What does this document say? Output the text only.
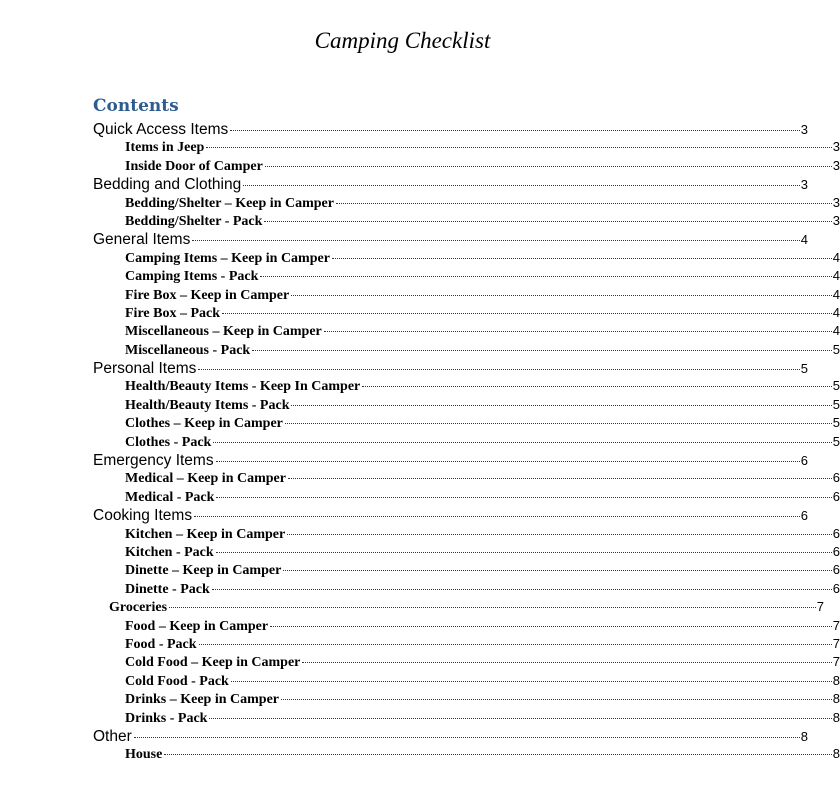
Camping Checklist
Contents
Quick Access Items	3
Items in Jeep	3
Inside Door of Camper	3
Bedding and Clothing	3
Bedding/Shelter – Keep in Camper	3
Bedding/Shelter - Pack	3
General Items	4
Camping Items – Keep in Camper	4
Camping Items - Pack	4
Fire Box – Keep in Camper	4
Fire Box – Pack	4
Miscellaneous – Keep in Camper	4
Miscellaneous - Pack	5
Personal Items	5
Health/Beauty Items - Keep In Camper	5
Health/Beauty Items - Pack	5
Clothes – Keep in Camper	5
Clothes - Pack	5
Emergency Items	6
Medical – Keep in Camper	6
Medical - Pack	6
Cooking Items	6
Kitchen – Keep in Camper	6
Kitchen - Pack	6
Dinette – Keep in Camper	6
Dinette - Pack	6
Groceries	7
Food – Keep in Camper	7
Food - Pack	7
Cold Food – Keep in Camper	7
Cold Food - Pack	8
Drinks – Keep in Camper	8
Drinks - Pack	8
Other	8
House	8
